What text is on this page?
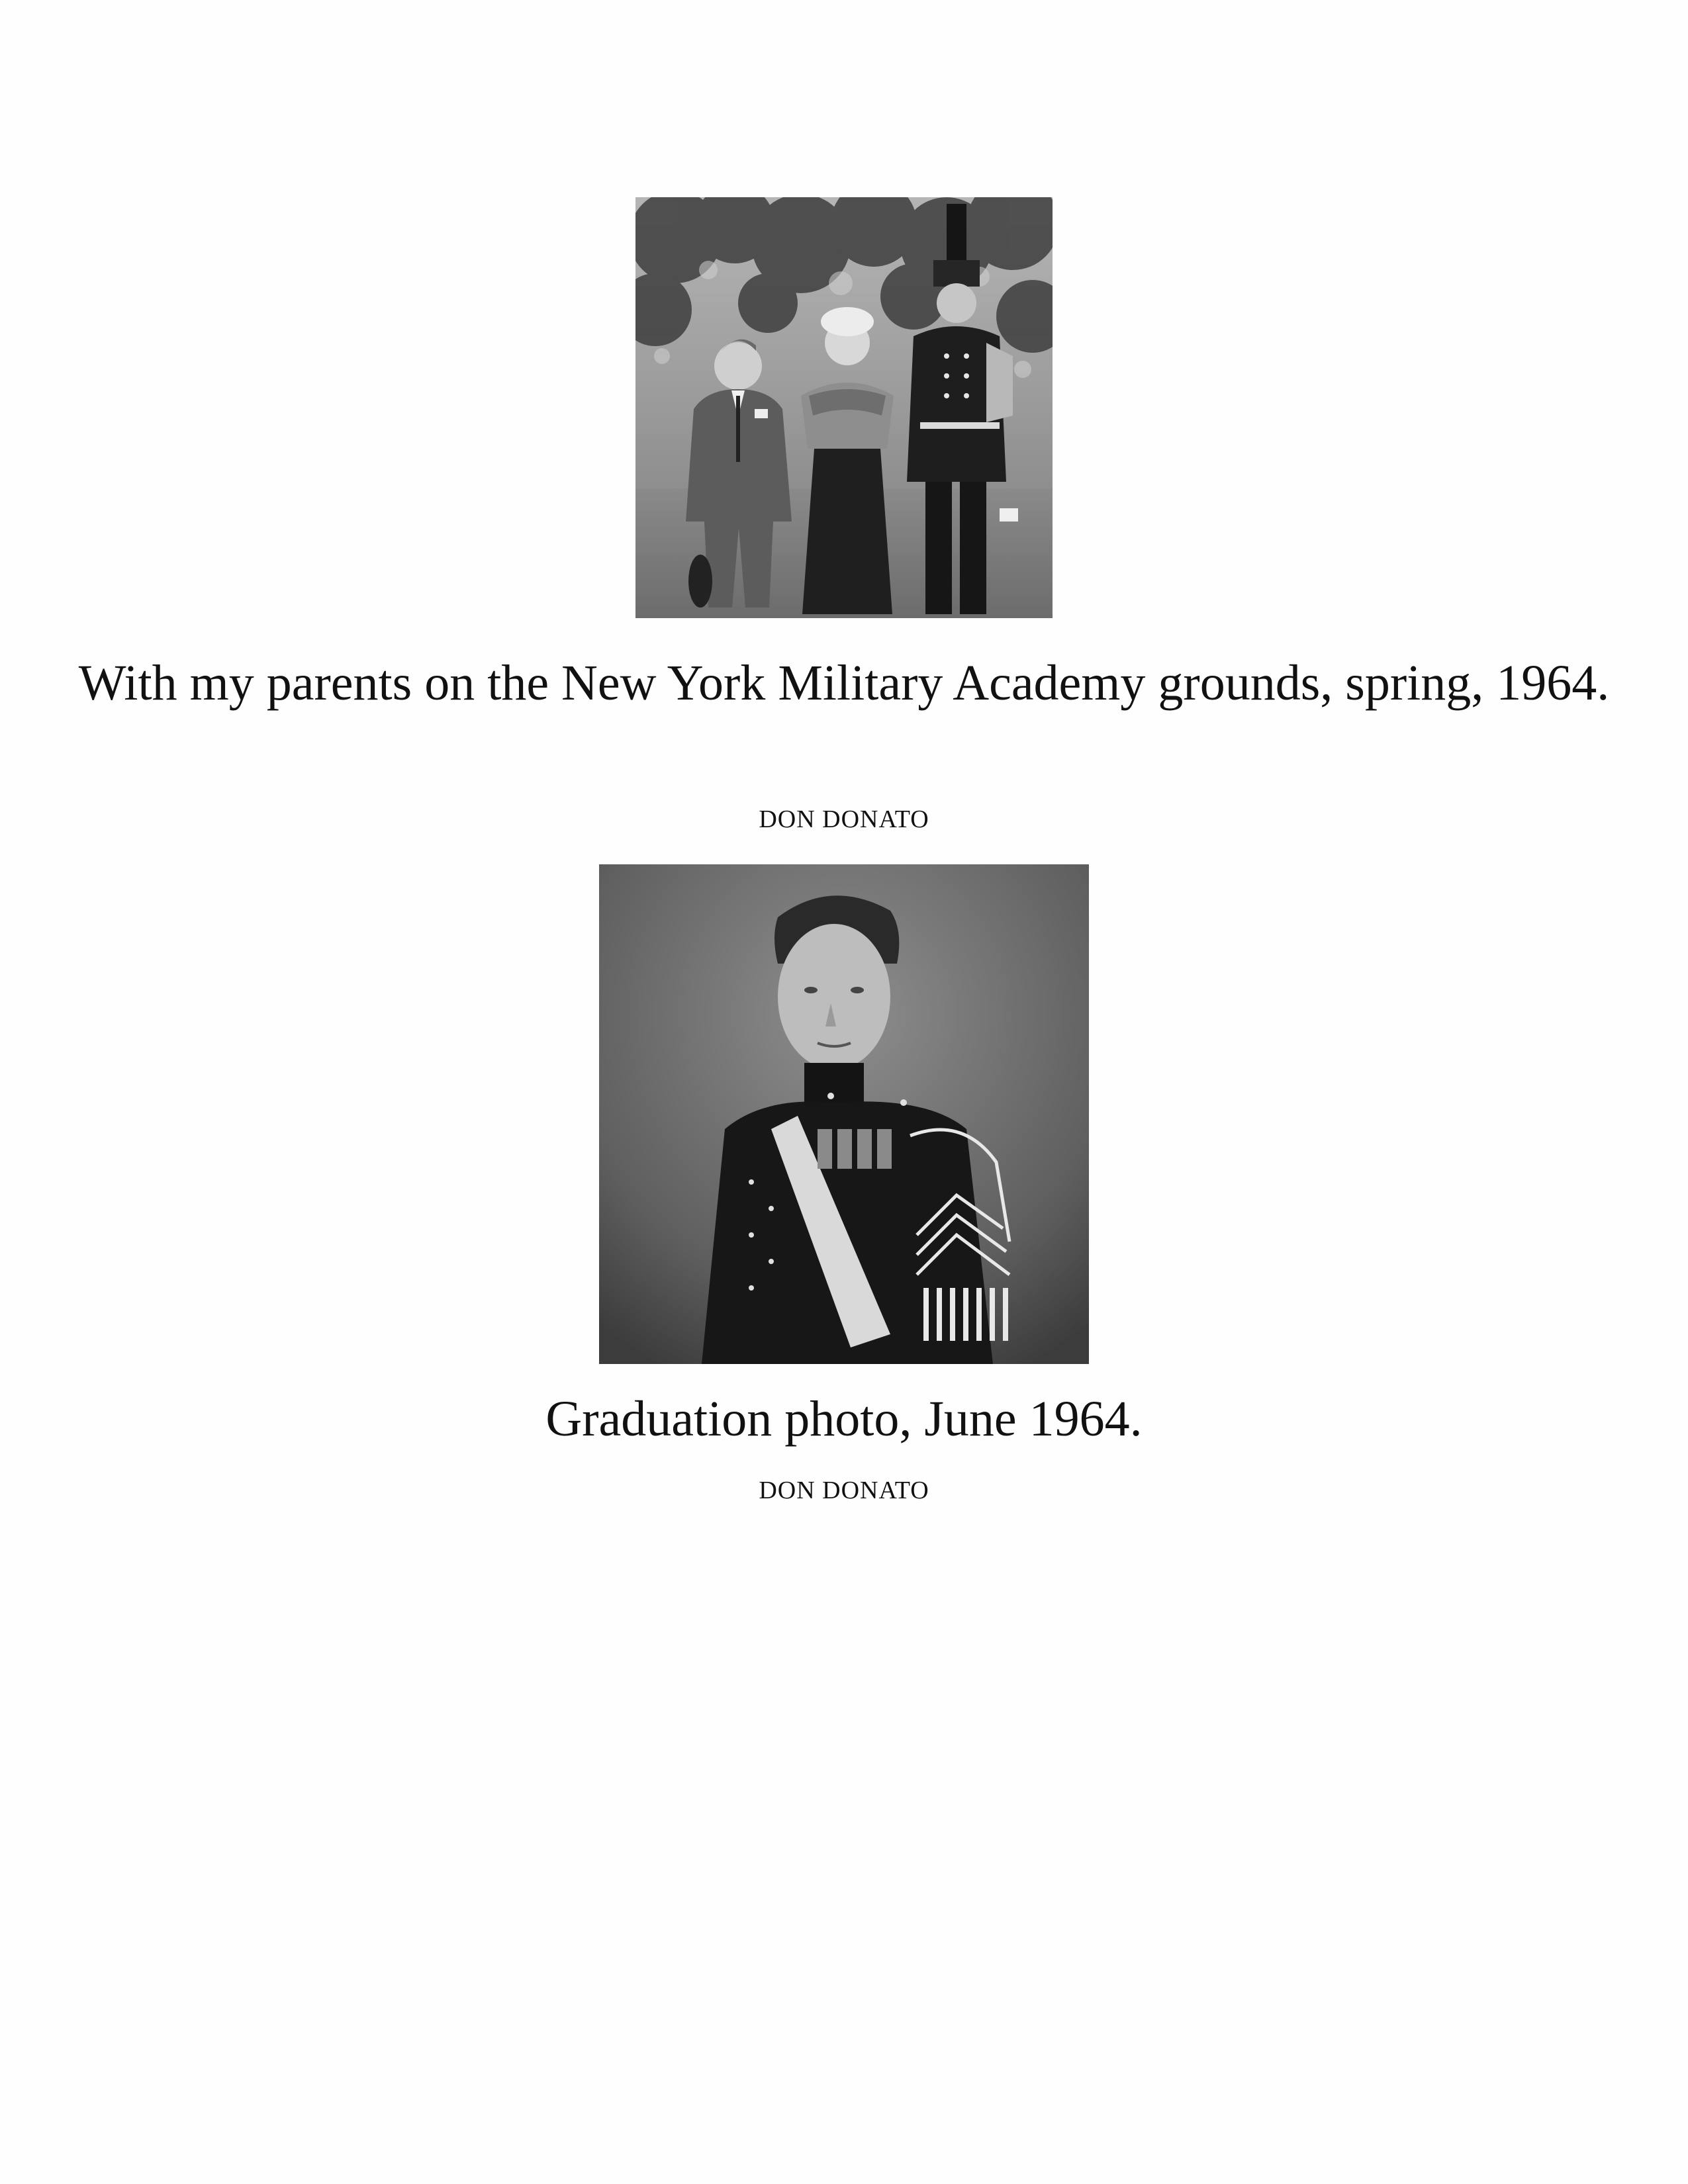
With my parents on the New York Military Academy grounds, spring, 1964.

DON DONATO

Graduation photo, June 1964.

DON DONATO
